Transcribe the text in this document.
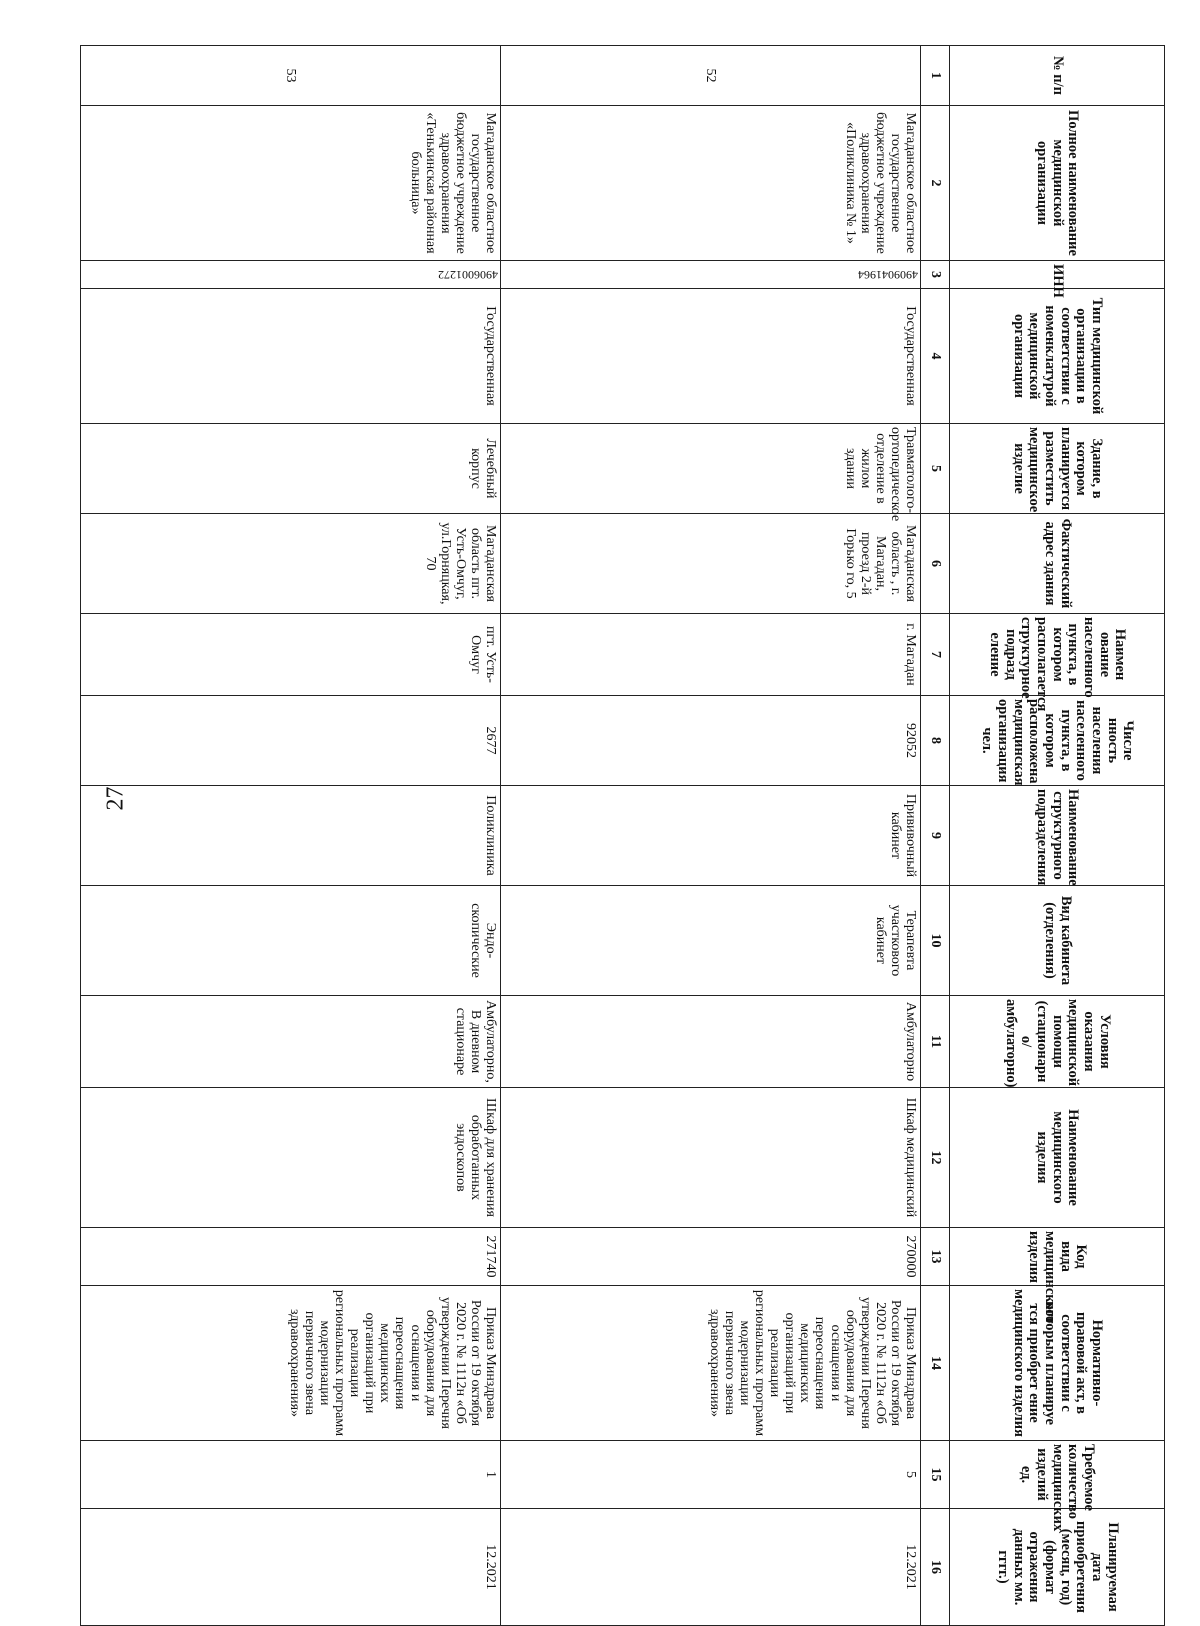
27
№ п/п	Полное наименование медицинской организации	ИНН	Тип медицинской организации в соответствии с номенклатурой медицинской организации	Здание, в котором планируется разместить медицинское изделие	Фактический адрес здания	Наимен ование населенного пункта, в котором располагается структурное подразд еление	Числе нность населения населенного пункта, в котором расположена медицинская организация чел.	Наименование структурного подразделения	Вид кабинета (отделения)	Условия оказания медицинской помощи (стационарн о/амбулаторно)	Наименование медицинского изделия	Код вида медицинского изделия	Нормативно- правовой акт, в соответствии с которым планируе тся приобрет ение медицинского изделия	Требуемое количество медицинских изделий ед.	Планируемая дата приобретения (месяц, год) (формат отражения данных мм. гггг.)
1	2	3	4	5	6	7	8	9	10	11	12	13	14	15	16
52	Магаданское областное государственное бюджетное учреждение здравоохранения «Поликлиника № 1»	4909041964	Государственная	Травматолого-ортопедическое отделение в жилом здании	Магаданская область , г. Магадан, проезд 2-й Горько го, 5	г. Магадан	92052	Прививочный кабинет	Терапевта участкового кабинет	Амбулаторно	Шкаф медицинский	270000	Приказ Минздрава России от 19 октября 2020 г. № 1112н «Об утверждении Перечня оборудования для оснащения и переоснащения медицинских организаций при реализации региональных программ модернизации первичного звена здравоохранения»	5	12.2021
53	Магаданское областное государственное бюджетное учреждение здравоохранения «Тенькинская районная больница»	4906001272	Государственная	Лечебный корпус	Магаданская область пгт. Усть-Омчуг, ул.Горняцкая, 70	пгт. Усть-Омчуг	2677	Поликлиника	Эндо-скопические	Амбулаторно, В дневном стационаре	Шкаф для хранения обработанных эндоскопов	271740	Приказ Минздрава России от 19 октября 2020 г. № 1112н «Об утверждении Перечня оборудования для оснащения и переоснащения медицинских организаций при реализации региональных программ модернизации первичного звена здравоохранения»	1	12.2021
